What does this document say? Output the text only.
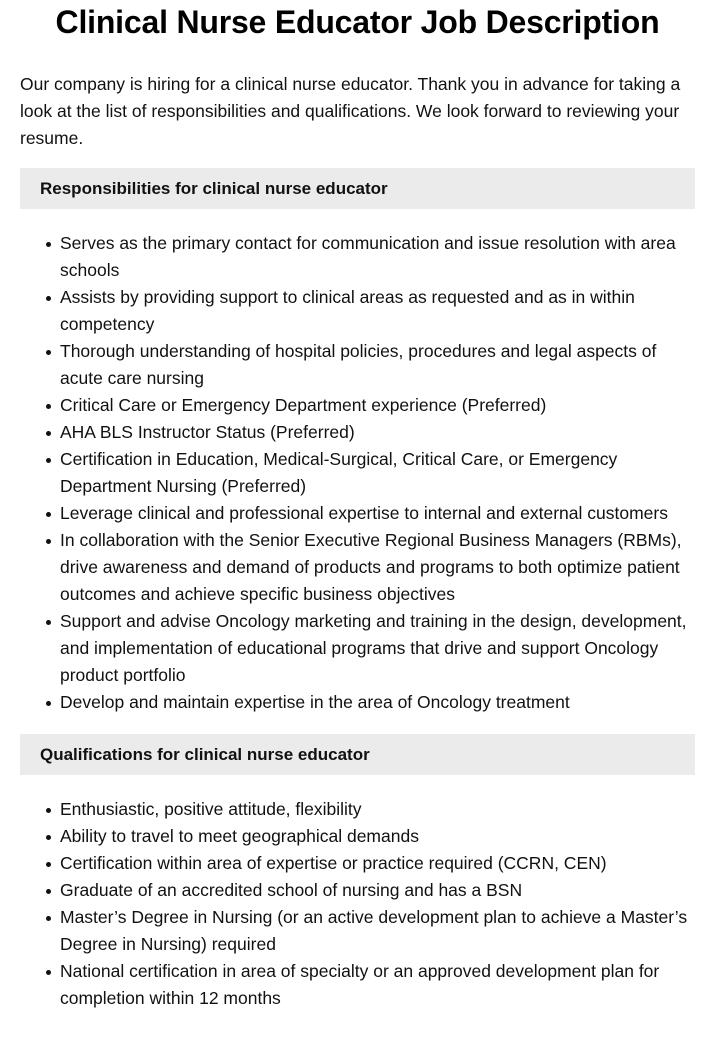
Clinical Nurse Educator Job Description

Our company is hiring for a clinical nurse educator. Thank you in advance for taking a look at the list of responsibilities and qualifications. We look forward to reviewing your resume.

Responsibilities for clinical nurse educator
Serves as the primary contact for communication and issue resolution with area schools
Assists by providing support to clinical areas as requested and as in within competency
Thorough understanding of hospital policies, procedures and legal aspects of acute care nursing
Critical Care or Emergency Department experience (Preferred)
AHA BLS Instructor Status (Preferred)
Certification in Education, Medical-Surgical, Critical Care, or Emergency Department Nursing (Preferred)
Leverage clinical and professional expertise to internal and external customers
In collaboration with the Senior Executive Regional Business Managers (RBMs), drive awareness and demand of products and programs to both optimize patient outcomes and achieve specific business objectives
Support and advise Oncology marketing and training in the design, development, and implementation of educational programs that drive and support Oncology product portfolio
Develop and maintain expertise in the area of Oncology treatment
Qualifications for clinical nurse educator
Enthusiastic, positive attitude, flexibility
Ability to travel to meet geographical demands
Certification within area of expertise or practice required (CCRN, CEN)
Graduate of an accredited school of nursing and has a BSN
Master’s Degree in Nursing (or an active development plan to achieve a Master’s Degree in Nursing) required
National certification in area of specialty or an approved development plan for completion within 12 months
